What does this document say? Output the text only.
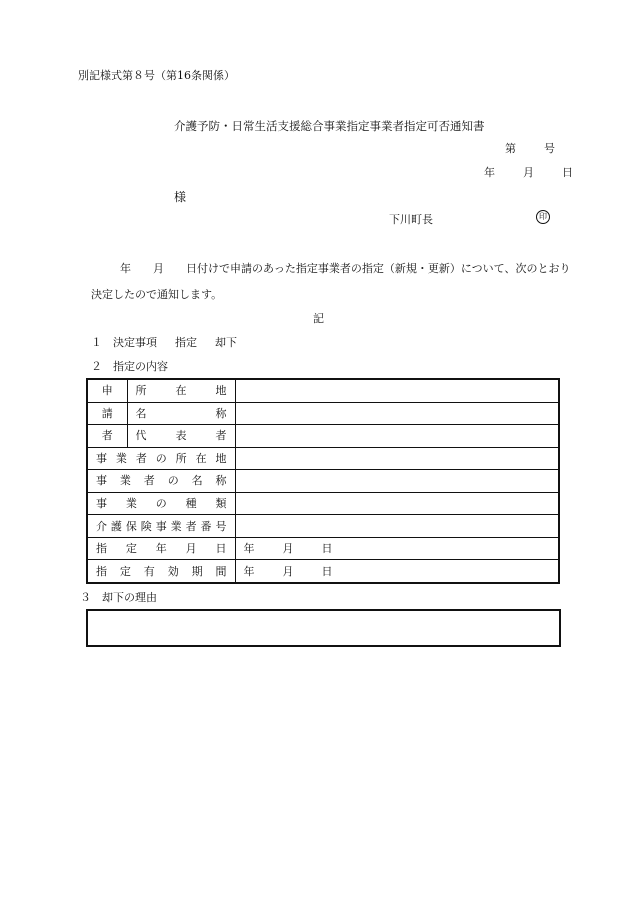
別記様式第８号（第16条関係）
介護予防・日常生活支援総合事業指定事業者指定可否通知書
第	号
年	月	日
様
下川町長	印
年 月 日付けで申請のあった指定事業者の指定（新規・更新）について、次のとおり
決定したので通知します。
記
１　決定事項 指定 却下
２　指定の内容
申	所在地	
請	名称	
者	代表者	
事業者の所在地		
事業者の名称		
事業の種類		
介護保険事業者番号		
指定年月日		年 月 日
指定有効期間		年 月 日
３　却下の理由
